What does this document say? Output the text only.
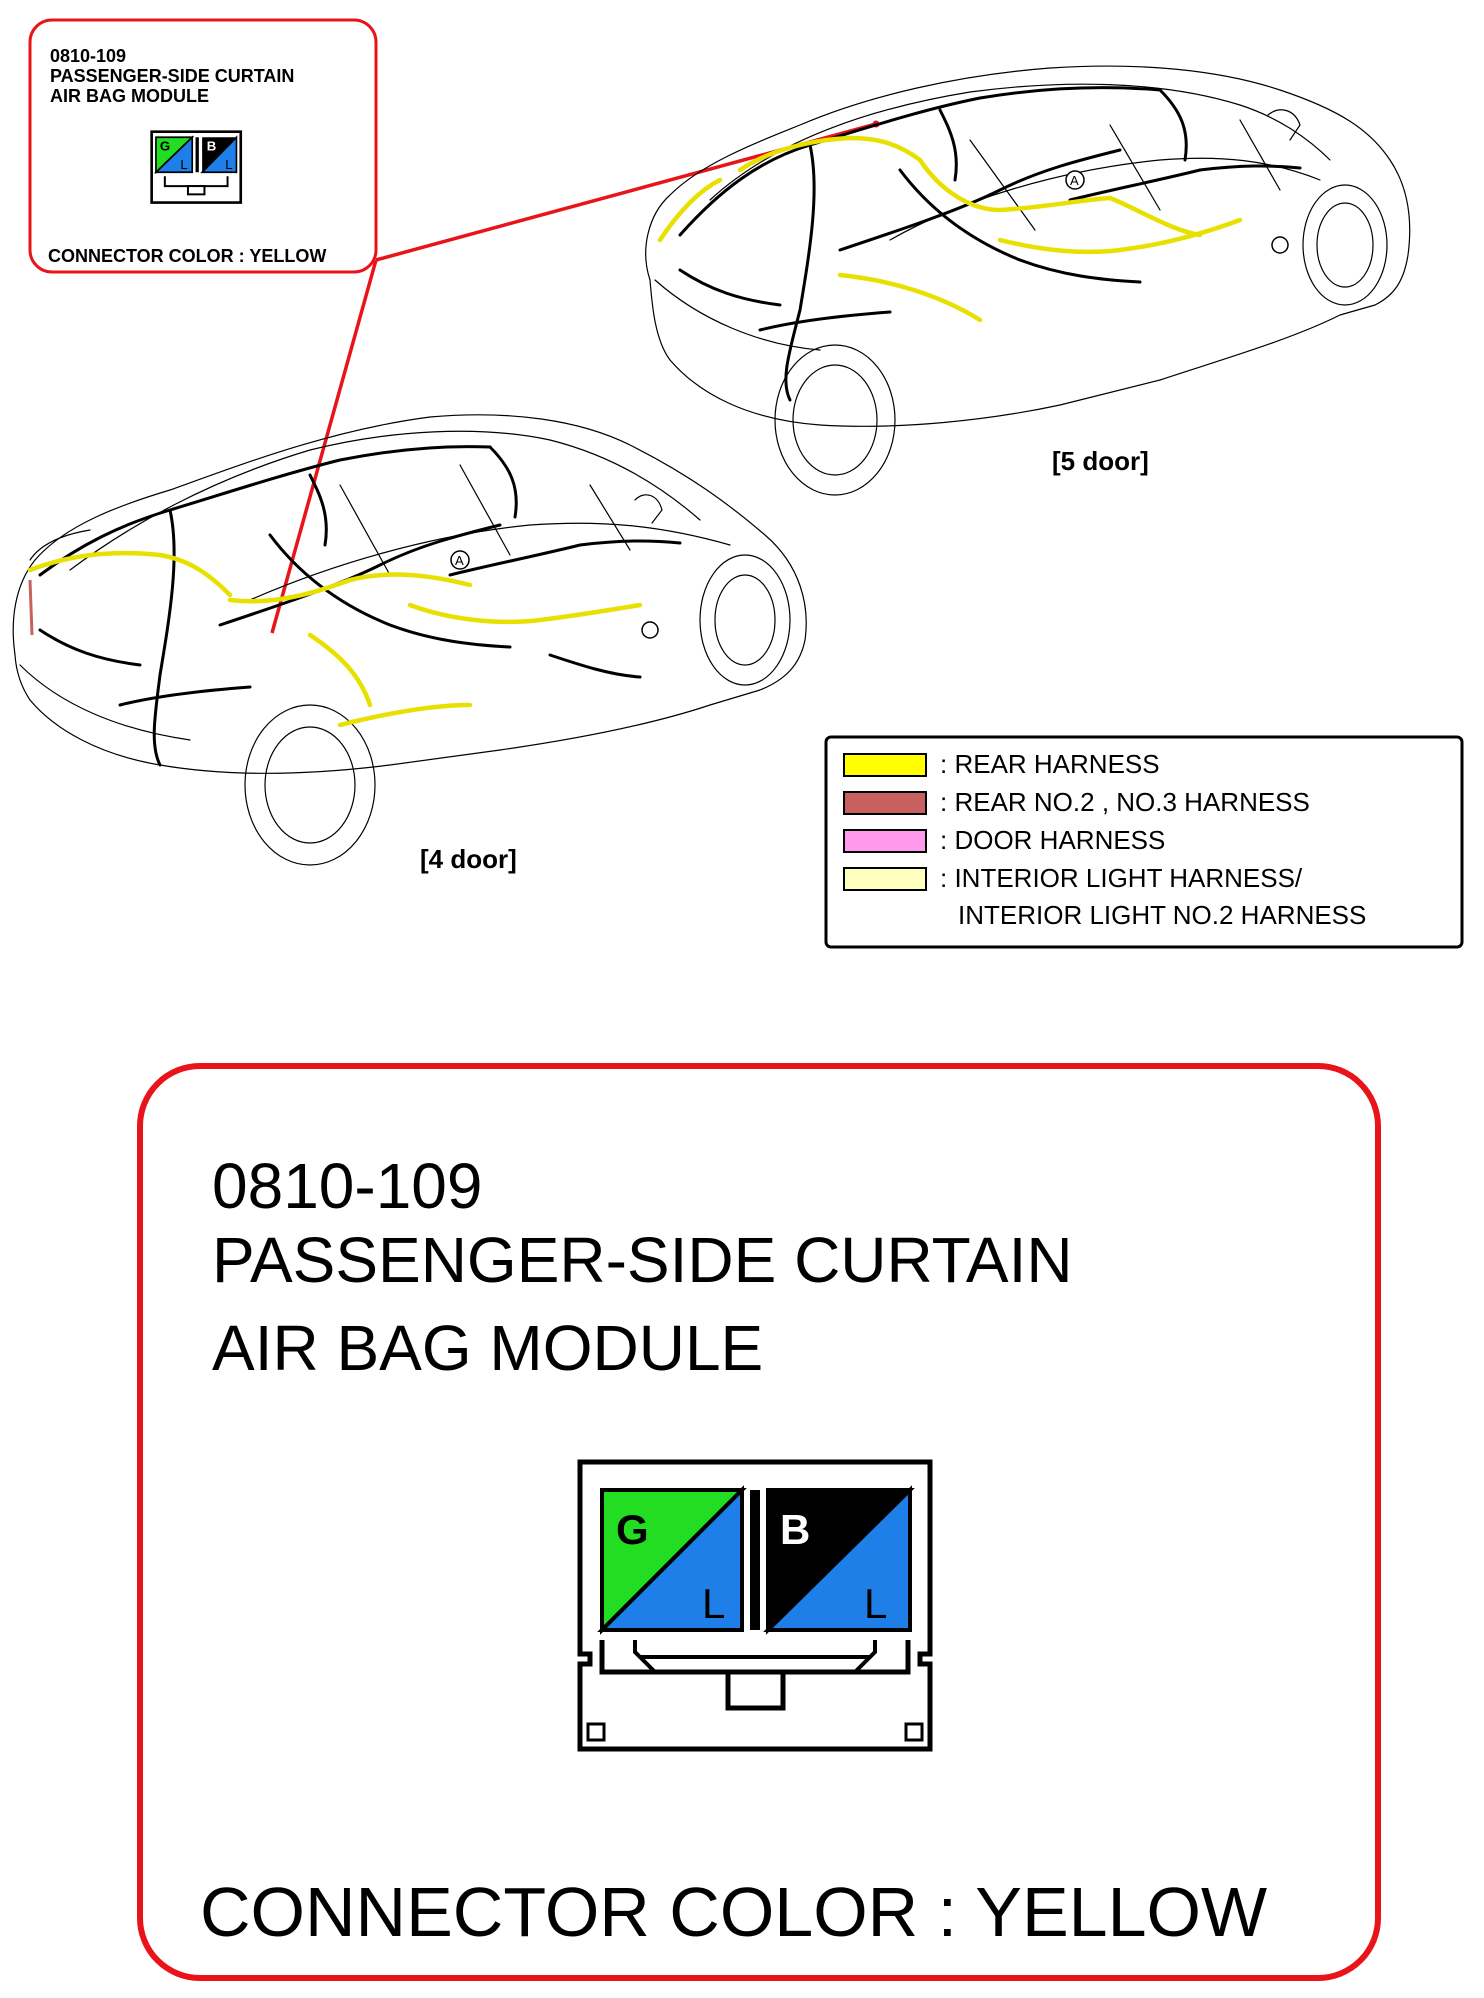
0810-109
PASSENGER-SIDE CURTAIN
AIR BAG MODULE
G
L
B
L
CONNECTOR COLOR : YELLOW
A
[5 door]
A
[4 door]
: REAR HARNESS
: REAR NO.2 , NO.3 HARNESS
: DOOR HARNESS
: INTERIOR LIGHT HARNESS/
INTERIOR LIGHT NO.2 HARNESS
0810-109
PASSENGER-SIDE CURTAIN
AIR BAG MODULE
G
L
B
L
CONNECTOR COLOR : YELLOW
